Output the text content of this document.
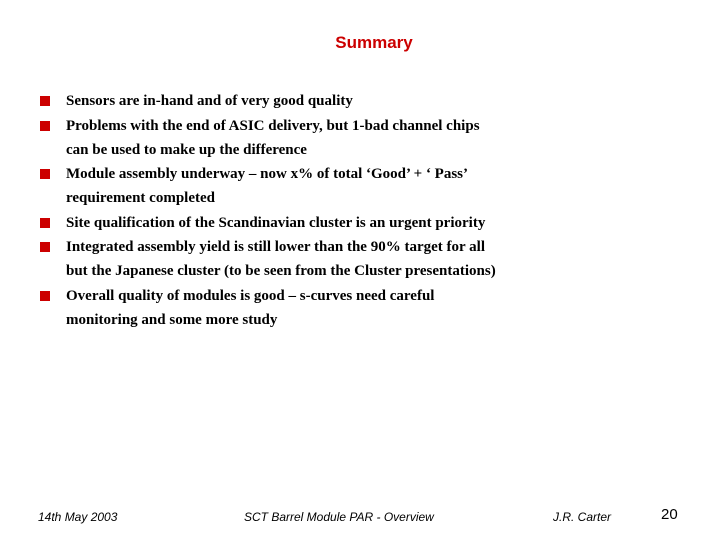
Summary
Sensors are in-hand and of very good quality
Problems with the end of ASIC delivery, but 1-bad channel chips
can be used to make up the difference
Module assembly underway – now x% of total ‘Good’ + ‘ Pass’
requirement completed
Site qualification of the Scandinavian cluster is an urgent priority
Integrated assembly yield is still lower than the 90% target for all
but the Japanese cluster (to be seen from the Cluster presentations)
Overall quality of modules is good – s-curves need careful
monitoring and some more study
14th May 2003	SCT Barrel Module PAR - Overview	J.R. Carter	20
